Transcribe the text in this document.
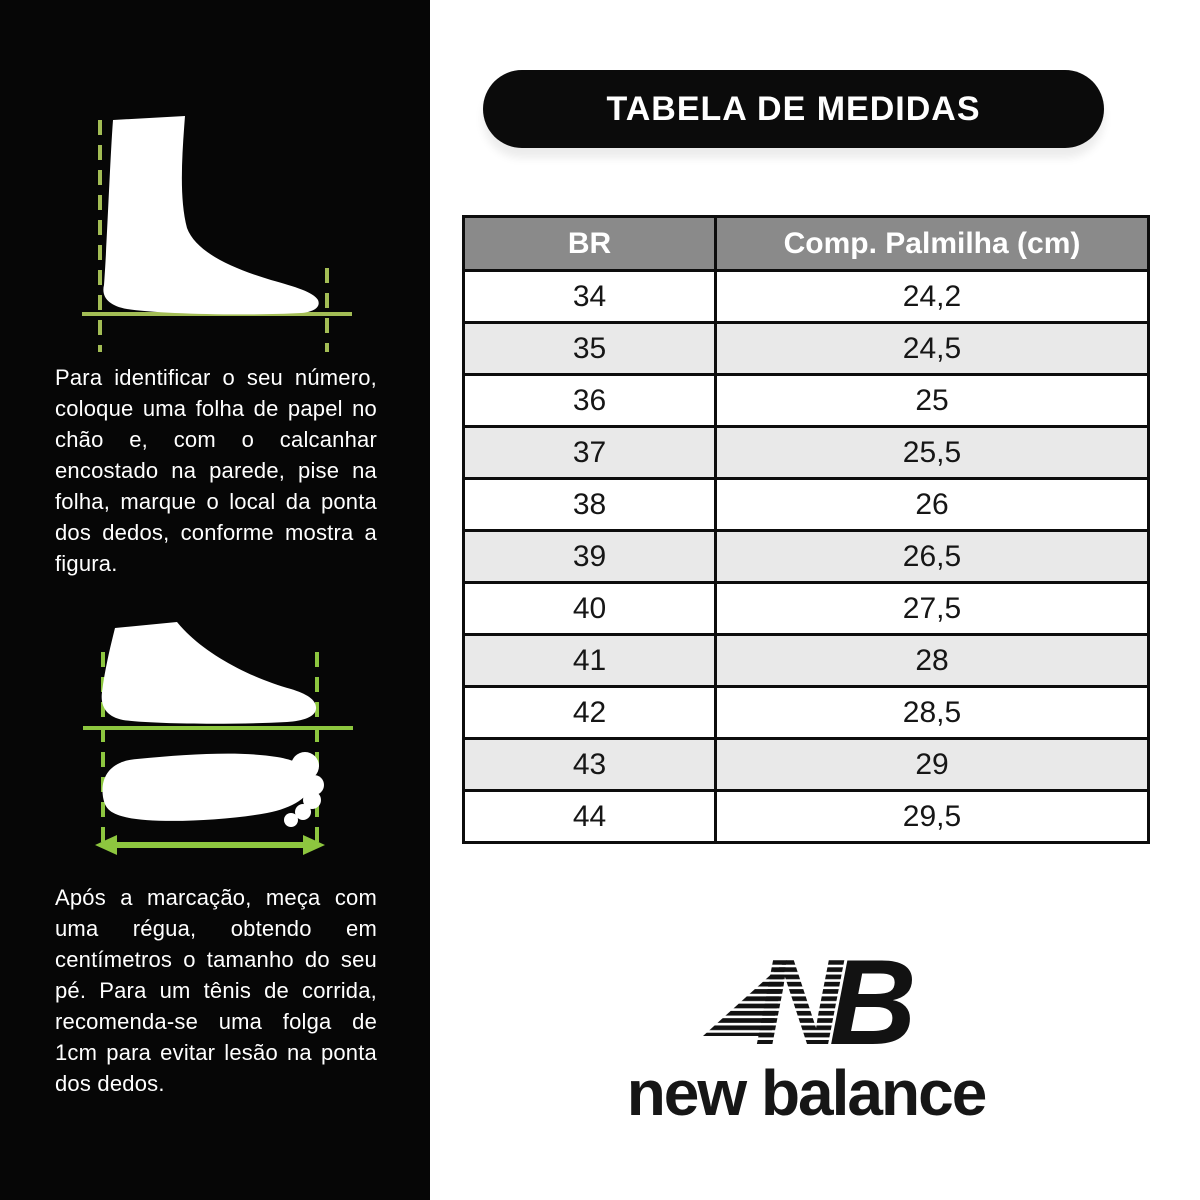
Para identificar o seu número, coloque uma folha de papel no chão e, com o calcanhar encostado na parede, pise na folha, marque o local da ponta dos dedos, conforme mostra a figura.
Após a marcação, meça com uma régua, obtendo em centímetros o tamanho do seu pé. Para um tênis de corrida, recomenda-se uma folga de 1cm para evitar lesão na ponta dos dedos.
TABELA DE MEDIDAS
BR	Comp. Palmilha (cm)
34	24,2
35	24,5
36	25
37	25,5
38	26
39	26,5
40	27,5
41	28
42	28,5
43	29
44	29,5
N
B
new balance
